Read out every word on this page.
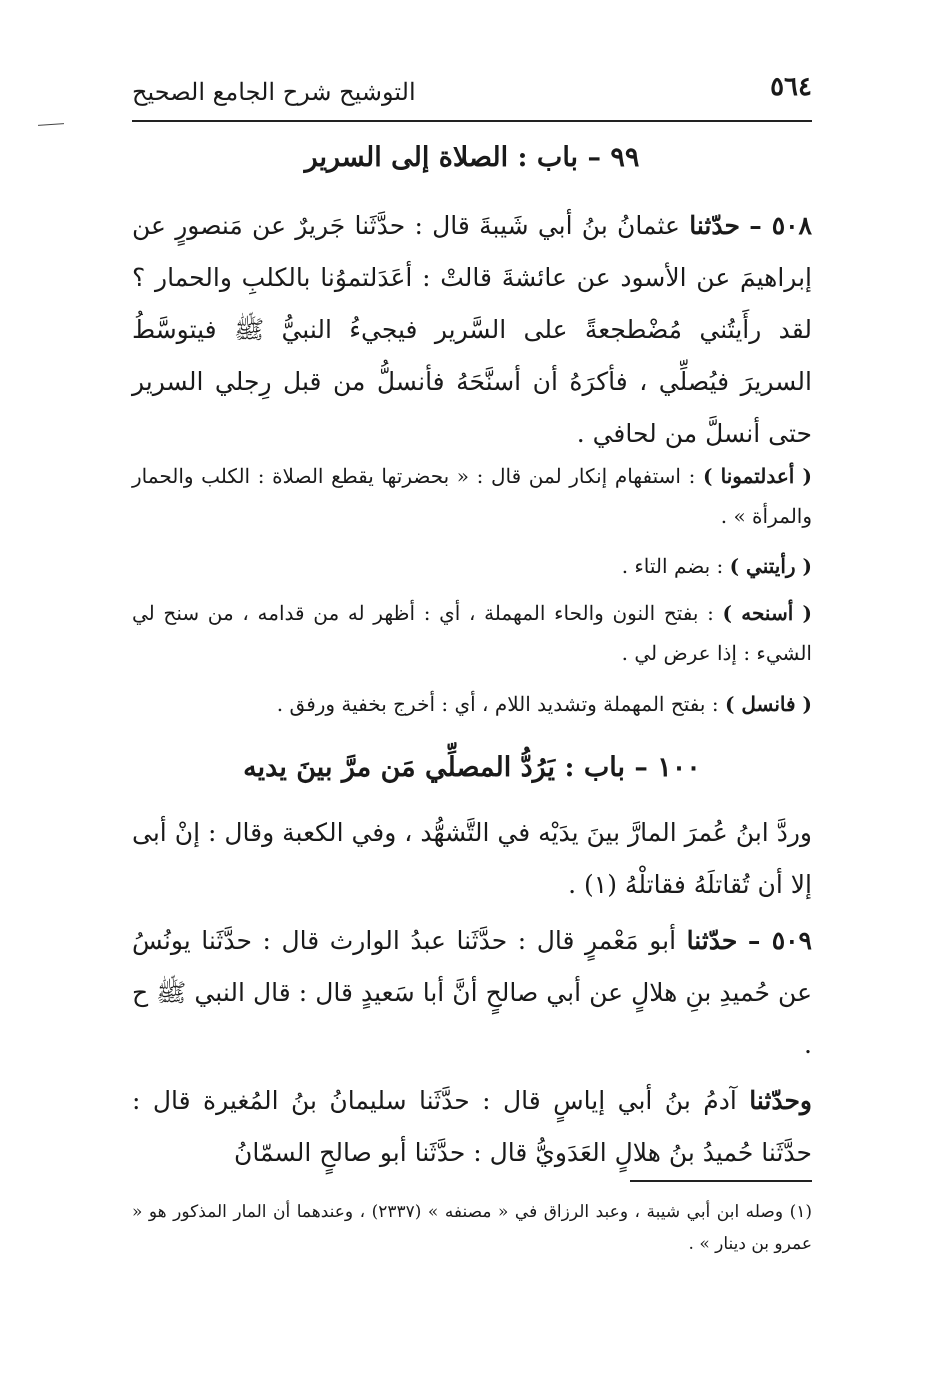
٥٦٤
التوشيح شرح الجامع الصحيح
٩٩ – باب : الصلاة إلى السرير
٥٠٨ – حدّثنا عثمانُ بنُ أبي شَيبةَ قال : حدَّثَنا جَريرٌ عن مَنصورٍ عن إبراهيمَ عن الأسود عن عائشةَ قالتْ : أعَدَلتموُنا بالكلبِ والحمار ؟ لقد رأَيتُني مُضْطجعةً على السَّرير فيجيءُ النبيُّ ﷺ فيتوسَّطُ السريرَ فيُصلِّي ، فأكرَهُ أن أسنَّحَهُ فأنسلُّ من قبل رِجلي السرير حتى أنسلَّ من لحافي .
( أعدلتمونا ) : استفهام إنكار لمن قال : « بحضرتها يقطع الصلاة : الكلب والحمار والمرأة » .
( رأيتني ) : بضم التاء .
( أسنحه ) : بفتح النون والحاء المهملة ، أي : أظهر له من قدامه ، من سنح لي الشيء : إذا عرض لي .
( فانسل ) : بفتح المهملة وتشديد اللام ، أي : أخرج بخفية ورفق .
١٠٠ – باب : يَرُدُّ المصلِّي مَن مرَّ بينَ يديه
وردَّ ابنُ عُمرَ المارَّ بينَ يدَيْه في التَّشهُّد ، وفي الكعبة وقال : إنْ أبى إلا أن تُقاتلَهُ فقاتلْهُ (١) .
٥٠٩ – حدّثنا أبو مَعْمرٍ قال : حدَّثَنا عبدُ الوارث قال : حدَّثَنا يونُسُ عن حُميدِ بنِ هلالٍ عن أبي صالحٍ أنَّ أبا سَعيدٍ قال : قال النبي ﷺ ح .
وحدّثنا آدمُ بنُ أبي إياسٍ قال : حدَّثَنا سليمانُ بنُ المُغيرة قال : حدَّثَنا حُميدُ بنُ هلالٍ العَدَويُّ قال : حدَّثَنا أبو صالحٍ السمّانُ
(١) وصله ابن أبي شيبة ، وعبد الرزاق في « مصنفه » (٢٣٣٧) ، وعندهما أن المار المذكور هو « عمرو بن دينار » .
